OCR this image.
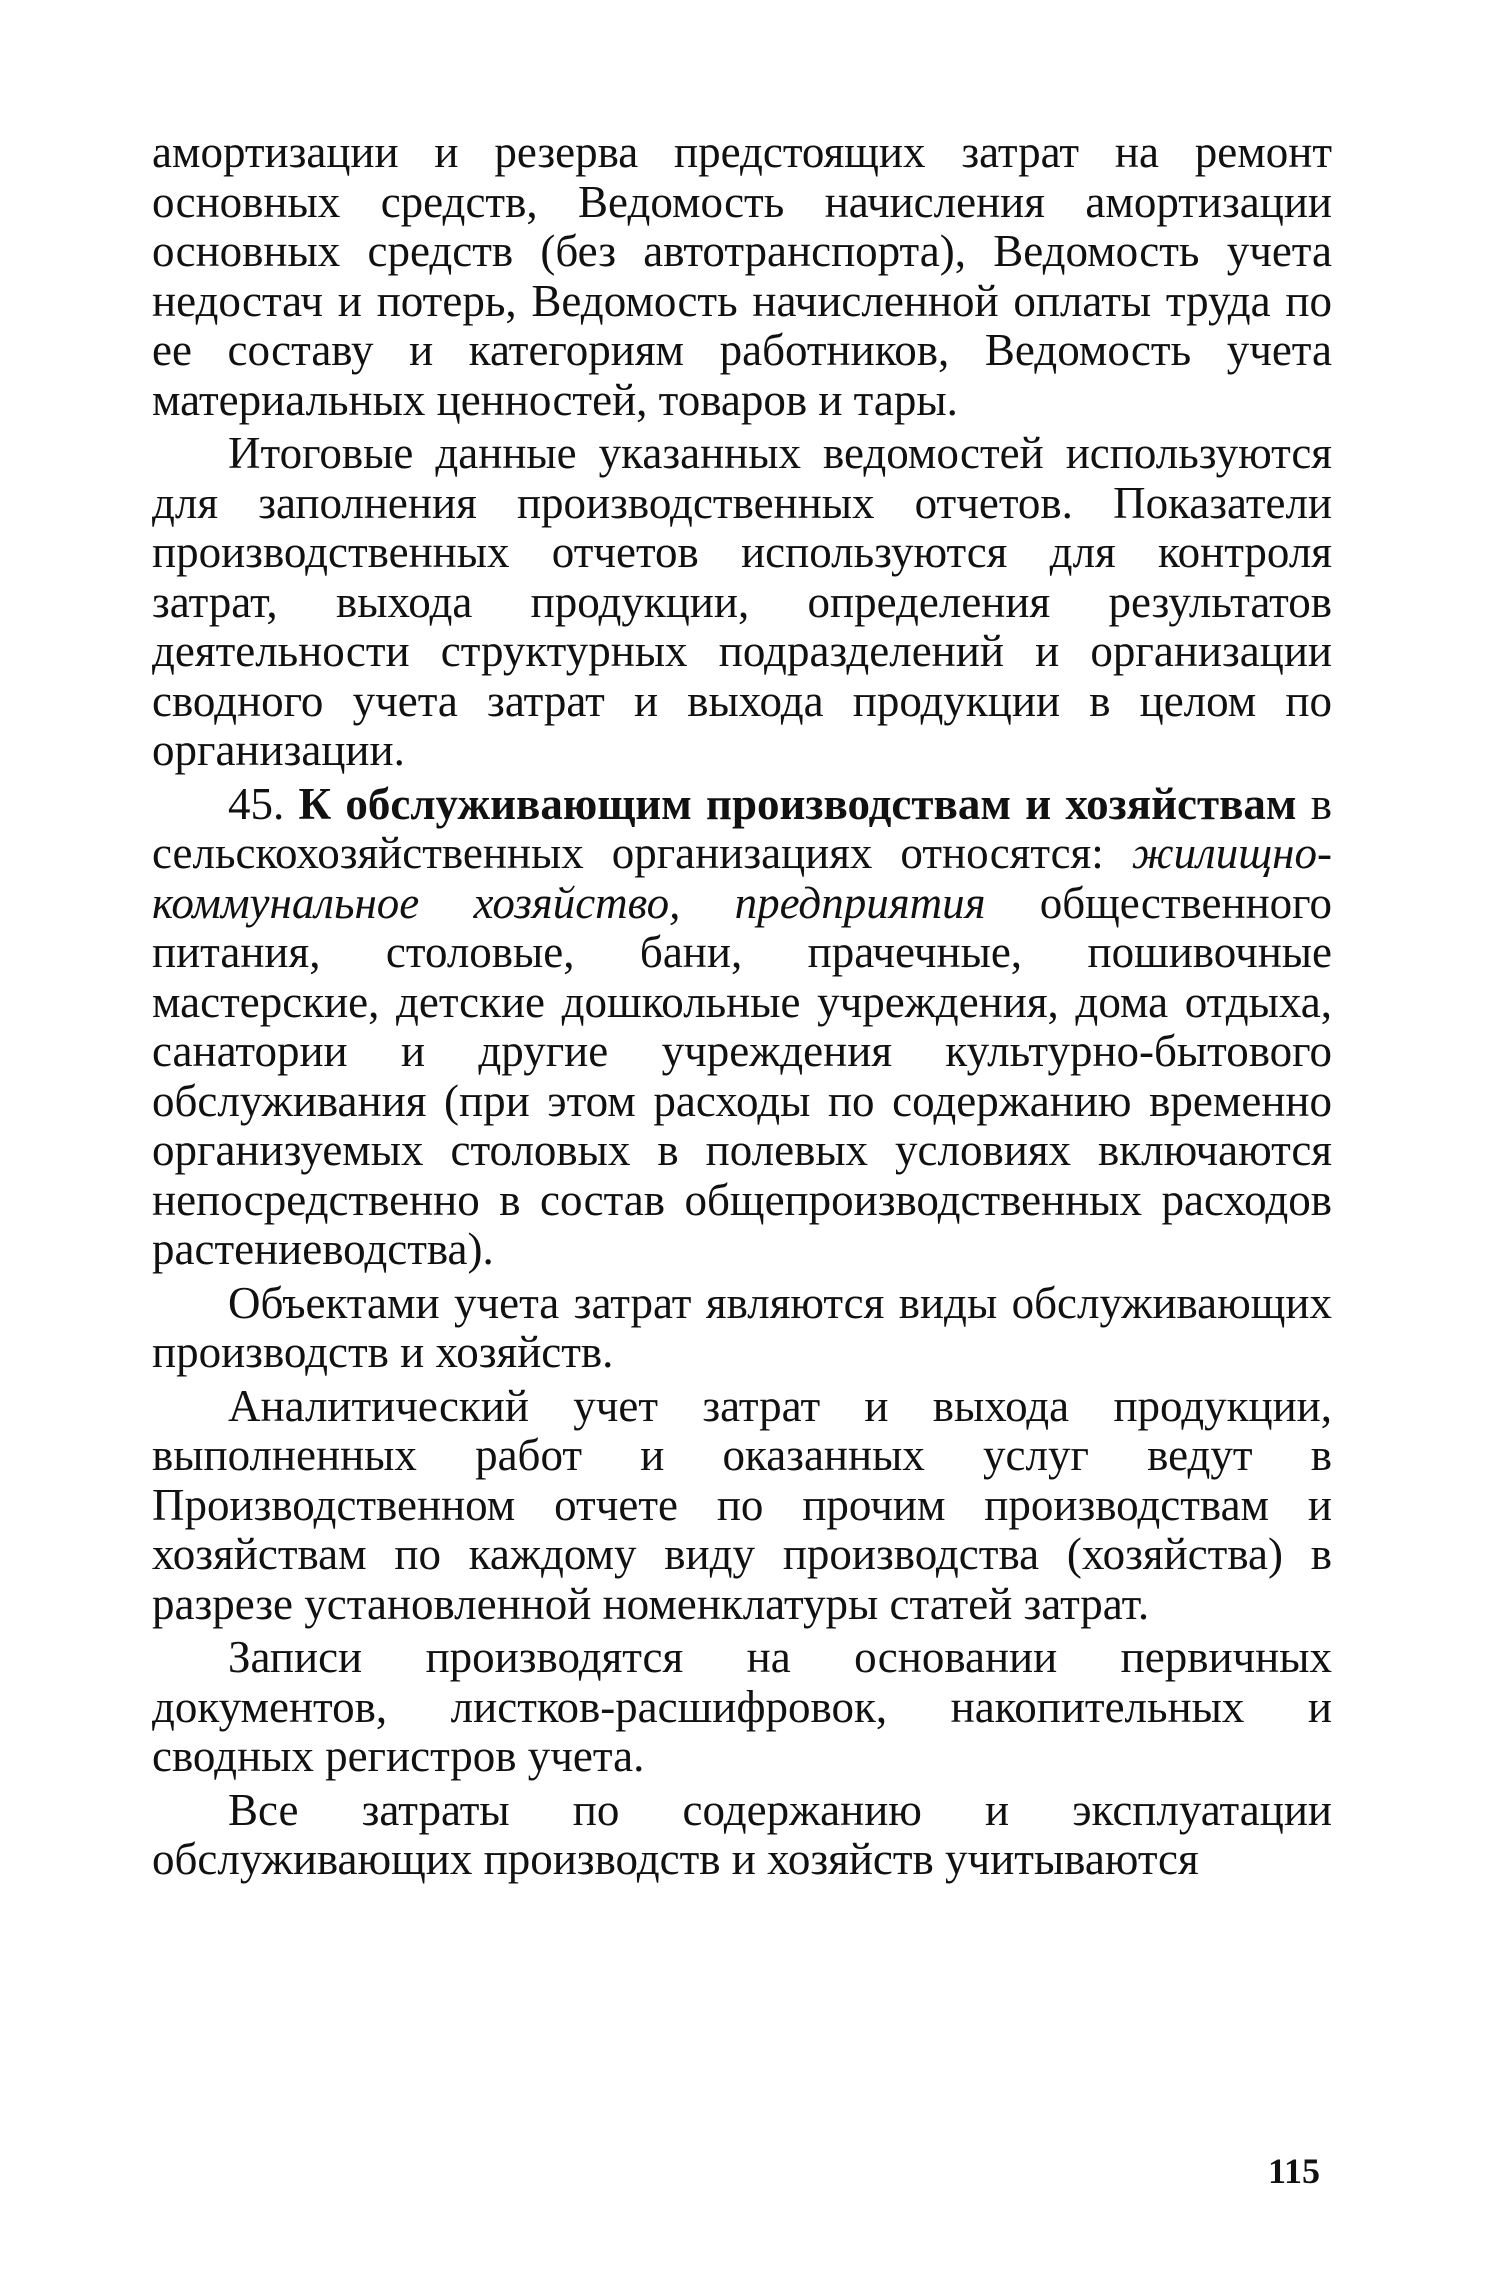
амортизации и резерва предстоящих затрат на ремонт основных средств, Ведомость начисления амортизации основных средств (без автотранспорта), Ведомость учета недостач и потерь, Ведомость начисленной оплаты труда по ее составу и категориям работников, Ведомость учета материальных ценностей, товаров и тары.

Итоговые данные указанных ведомостей используются для заполнения производственных отчетов. Показатели производственных отчетов используются для контроля затрат, выхода продукции, определения результатов деятельности структурных подразделений и организации сводного учета затрат и выхода продукции в целом по организации.

45. К обслуживающим производствам и хозяйствам в сельскохозяйственных организациях относятся: жилищно-коммунальное хозяйство, предприятия общественного питания, столовые, бани, прачечные, пошивочные мастерские, детские дошкольные учреждения, дома отдыха, санатории и другие учреждения культурно-бытового обслуживания (при этом расходы по содержанию временно организуемых столовых в полевых условиях включаются непосредственно в состав общепроизводственных расходов растениеводства).

Объектами учета затрат являются виды обслуживающих производств и хозяйств.

Аналитический учет затрат и выхода продукции, выполненных работ и оказанных услуг ведут в Производственном отчете по прочим производствам и хозяйствам по каждому виду производства (хозяйства) в разрезе установленной номенклатуры статей затрат.

Записи производятся на основании первичных документов, листков-расшифровок, накопительных и сводных регистров учета.

Все затраты по содержанию и эксплуатации обслуживающих производств и хозяйств учитываются

115
